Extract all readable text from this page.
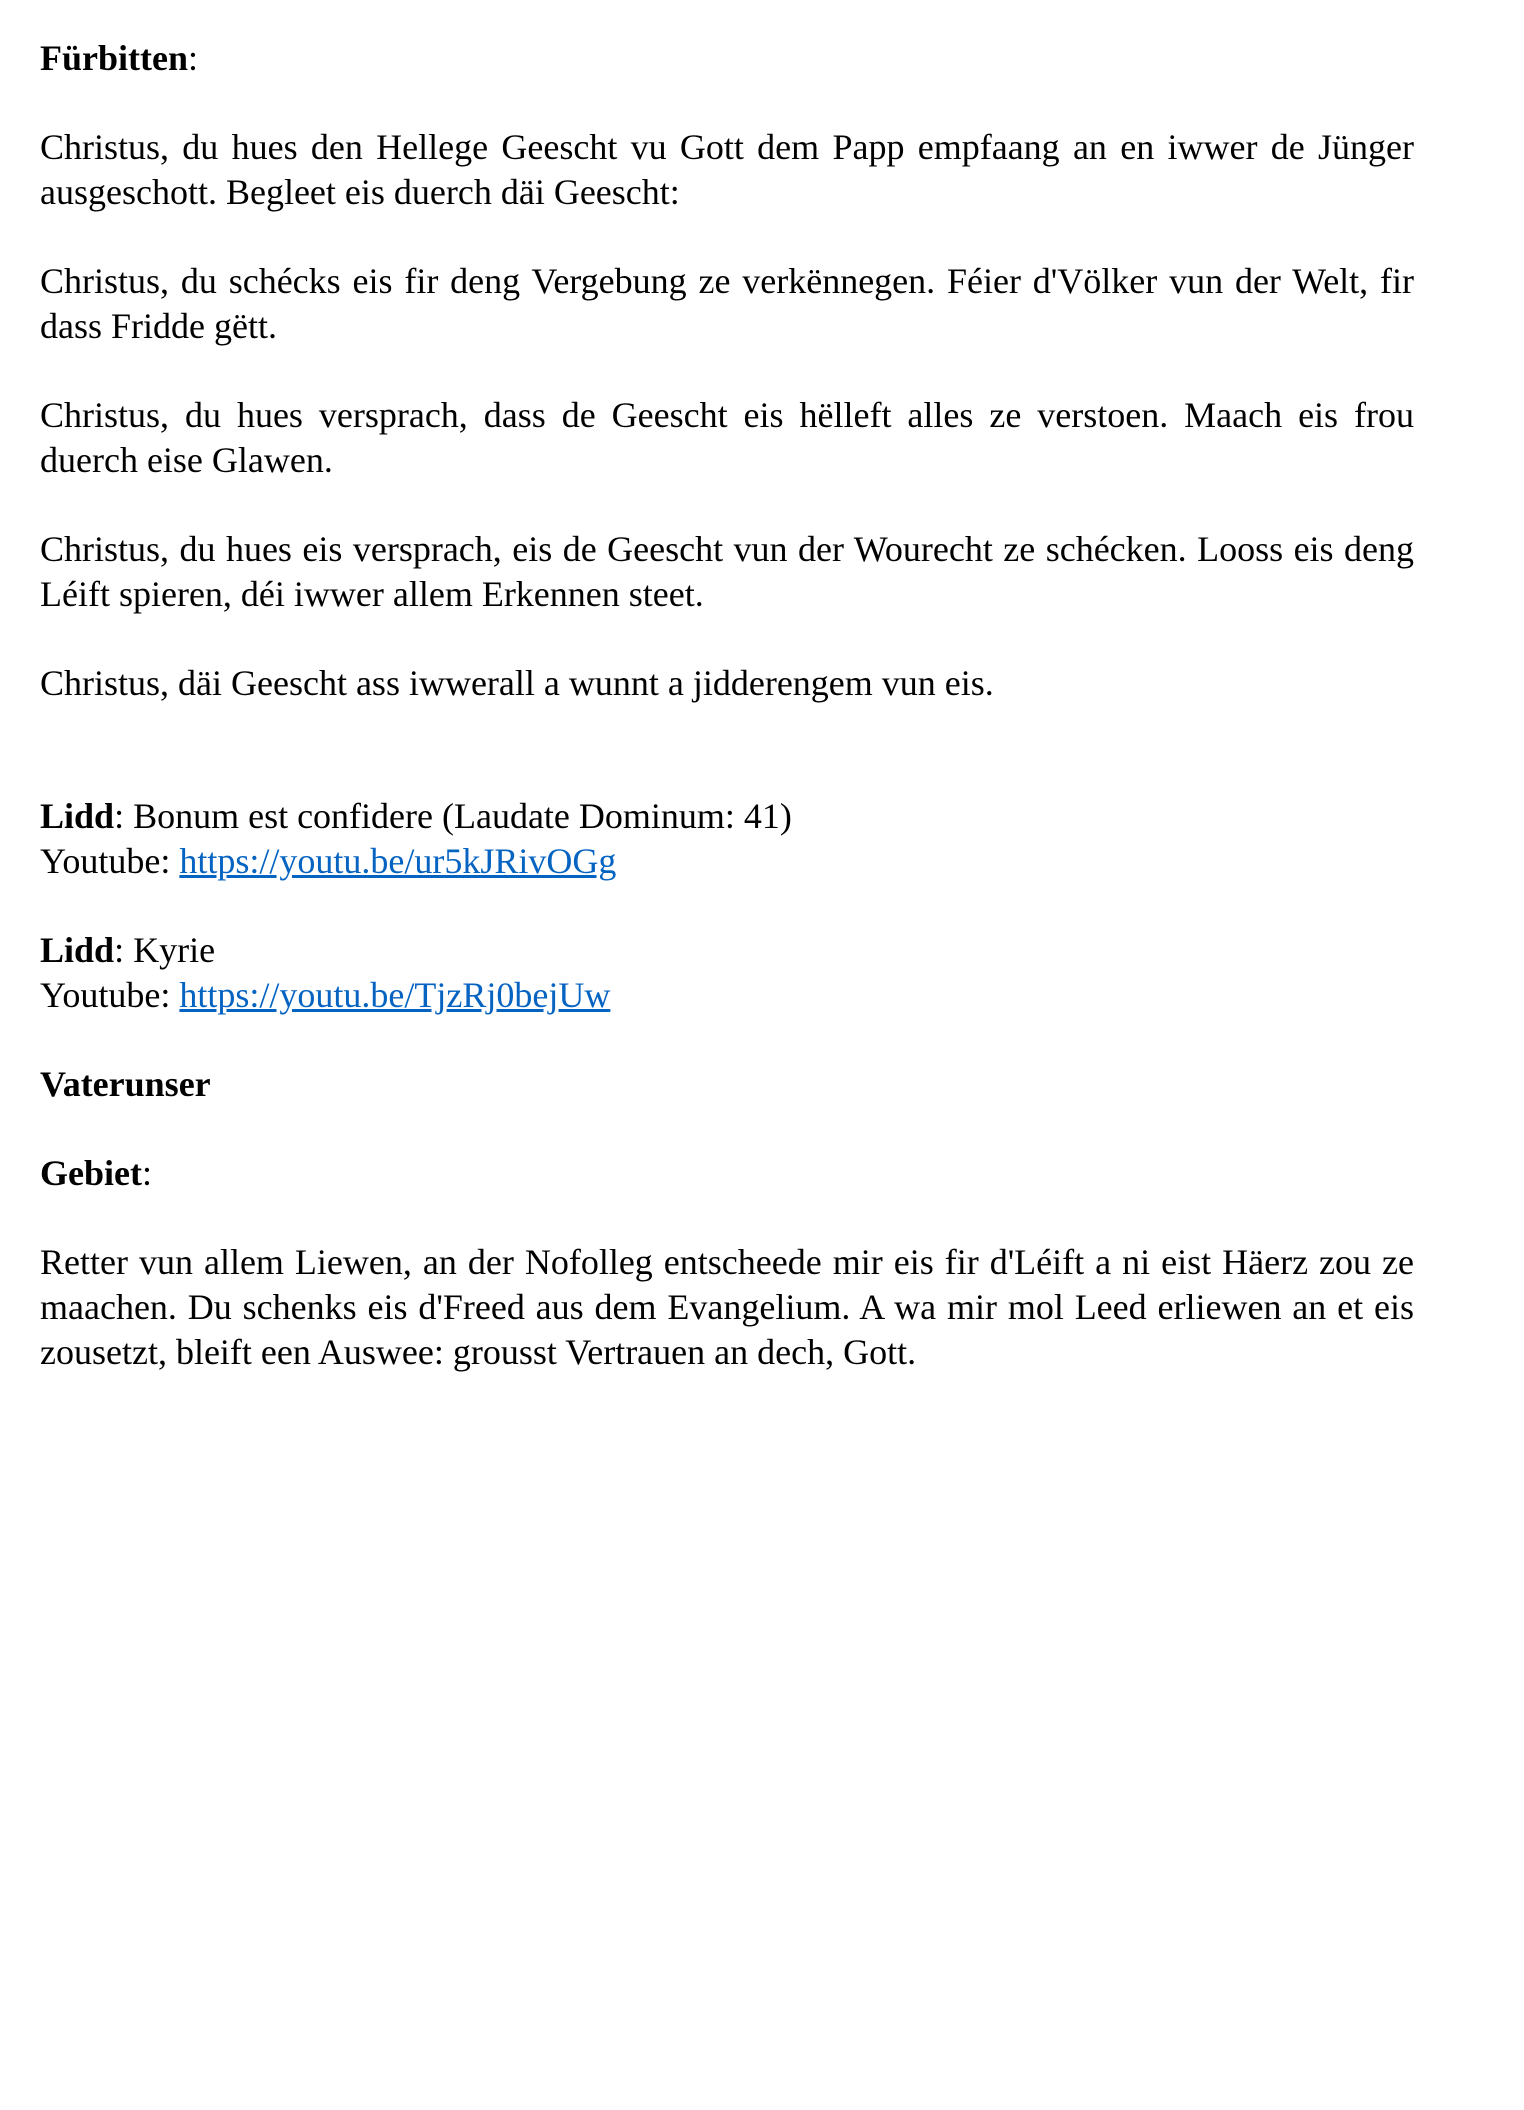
Fürbitten:

Christus, du hues den Hellege Geescht vu Gott dem Papp empfaang an en iwwer de Jünger ausgeschott. Begleet eis duerch däi Geescht:

Christus, du schécks eis fir deng Vergebung ze verkënnegen. Féier d'Völker vun der Welt, fir dass Fridde gëtt.

Christus, du hues versprach, dass de Geescht eis hëlleft alles ze verstoen. Maach eis frou duerch eise Glawen.

Christus, du hues eis versprach, eis de Geescht vun der Wourecht ze schécken. Looss eis deng Léift spieren, déi iwwer allem Erkennen steet.

Christus, däi Geescht ass iwwerall a wunnt a jidderengem vun eis.

Lidd: Bonum est confidere (Laudate Dominum: 41)
Youtube: https://youtu.be/ur5kJRivOGg
Lidd: Kyrie
Youtube: https://youtu.be/TjzRj0bejUw

Vaterunser

Gebiet:

Retter vun allem Liewen, an der Nofolleg entscheede mir eis fir d'Léift a ni eist Häerz zou ze maachen. Du schenks eis d'Freed aus dem Evangelium. A wa mir mol Leed erliewen an et eis zousetzt, bleift een Auswee: grousst Vertrauen an dech, Gott.
